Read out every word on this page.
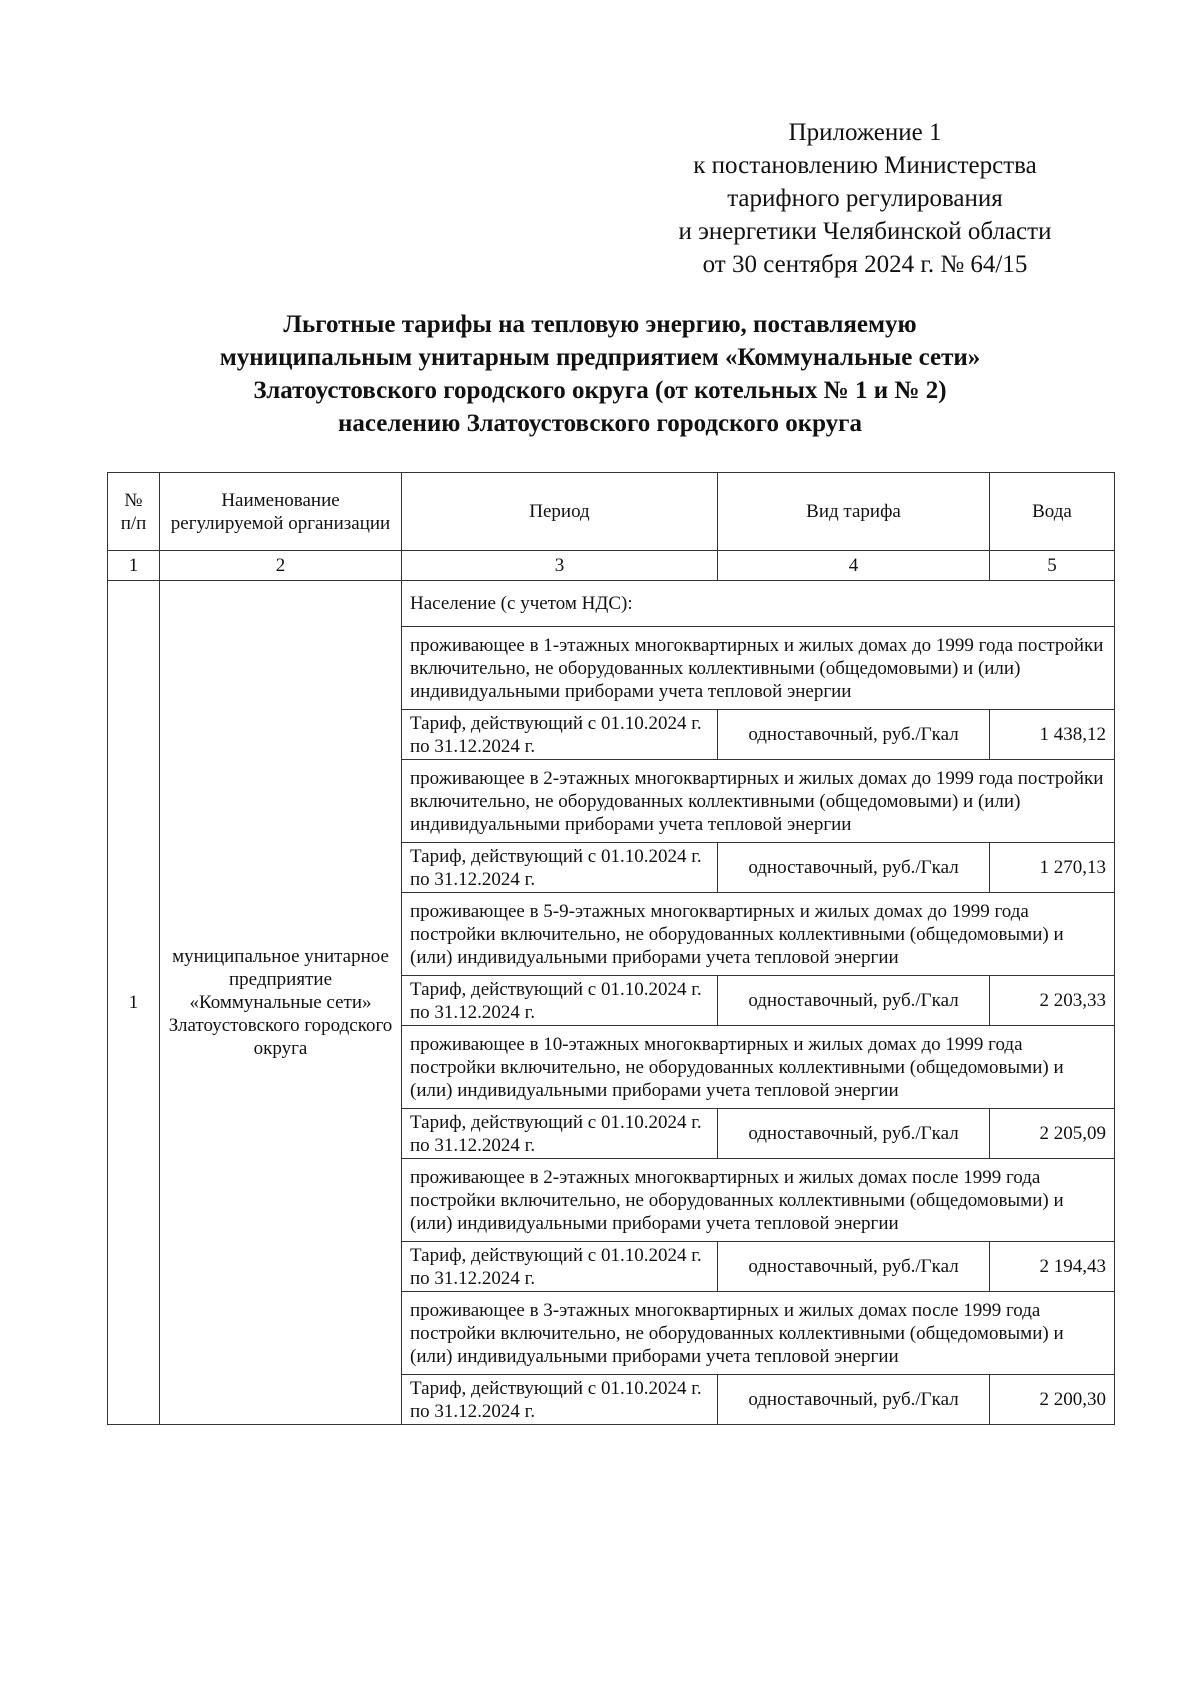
Приложение 1
к постановлению Министерства
тарифного регулирования
и энергетики Челябинской области
от 30 сентября 2024 г. № 64/15
Льготные тарифы на тепловую энергию, поставляемую
муниципальным унитарным предприятием «Коммунальные сети»
Златоустовского городского округа (от котельных № 1 и № 2)
населению Златоустовского городского округа
№ п/п	Наименование регулируемой организации	Период	Вид тарифа	Вода
1	2	3	4	5
1	муниципальное унитарное предприятие «Коммунальные сети» Златоустовского городского округа	Население (с учетом НДС):		
		проживающее в 1-этажных многоквартирных и жилых домах до 1999 года постройки включительно, не оборудованных коллективными (общедомовыми) и (или) индивидуальными приборами учета тепловой энергии		
		Тариф, действующий с 01.10.2024 г. по 31.12.2024 г.	одноставочный, руб./Гкал	1 438,12
		проживающее в 2-этажных многоквартирных и жилых домах до 1999 года постройки включительно, не оборудованных коллективными (общедомовыми) и (или) индивидуальными приборами учета тепловой энергии		
		Тариф, действующий с 01.10.2024 г. по 31.12.2024 г.	одноставочный, руб./Гкал	1 270,13
		проживающее в 5-9-этажных многоквартирных и жилых домах до 1999 года постройки включительно, не оборудованных коллективными (общедомовыми) и (или) индивидуальными приборами учета тепловой энергии		
		Тариф, действующий с 01.10.2024 г. по 31.12.2024 г.	одноставочный, руб./Гкал	2 203,33
		проживающее в 10-этажных многоквартирных и жилых домах до 1999 года постройки включительно, не оборудованных коллективными (общедомовыми) и (или) индивидуальными приборами учета тепловой энергии		
		Тариф, действующий с 01.10.2024 г. по 31.12.2024 г.	одноставочный, руб./Гкал	2 205,09
		проживающее в 2-этажных многоквартирных и жилых домах после 1999 года постройки включительно, не оборудованных коллективными (общедомовыми) и (или) индивидуальными приборами учета тепловой энергии		
		Тариф, действующий с 01.10.2024 г. по 31.12.2024 г.	одноставочный, руб./Гкал	2 194,43
		проживающее в 3-этажных многоквартирных и жилых домах после 1999 года постройки включительно, не оборудованных коллективными (общедомовыми) и (или) индивидуальными приборами учета тепловой энергии		
		Тариф, действующий с 01.10.2024 г. по 31.12.2024 г.	одноставочный, руб./Гкал	2 200,30
